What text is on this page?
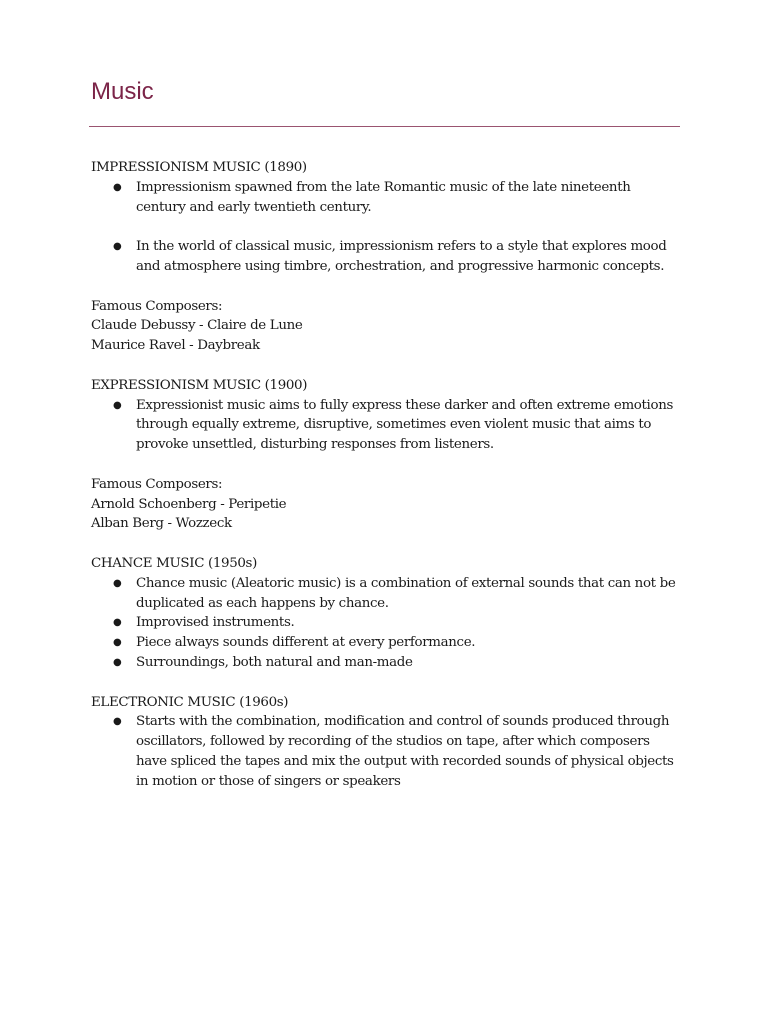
Music

IMPRESSIONISM MUSIC (1890)

● Impressionism spawned from the late Romantic music of the late nineteenth century and early twentieth century.
● In the world of classical music, impressionism refers to a style that explores mood and atmosphere using timbre, orchestration, and progressive harmonic concepts.

Famous Composers:

Claude Debussy - Claire de Lune

Maurice Ravel - Daybreak

EXPRESSIONISM MUSIC (1900)

● Expressionist music aims to fully express these darker and often extreme emotions through equally extreme, disruptive, sometimes even violent music that aims to provoke unsettled, disturbing responses from listeners.

Famous Composers:

Arnold Schoenberg - Peripetie

Alban Berg - Wozzeck

CHANCE MUSIC (1950s)

● Chance music (Aleatoric music) is a combination of external sounds that can not be duplicated as each happens by chance.
● Improvised instruments.
● Piece always sounds different at every performance.
● Surroundings, both natural and man-made

ELECTRONIC MUSIC (1960s)

● Starts with the combination, modification and control of sounds produced through oscillators, followed by recording of the studios on tape, after which composers have spliced the tapes and mix the output with recorded sounds of physical objects in motion or those of singers or speakers
